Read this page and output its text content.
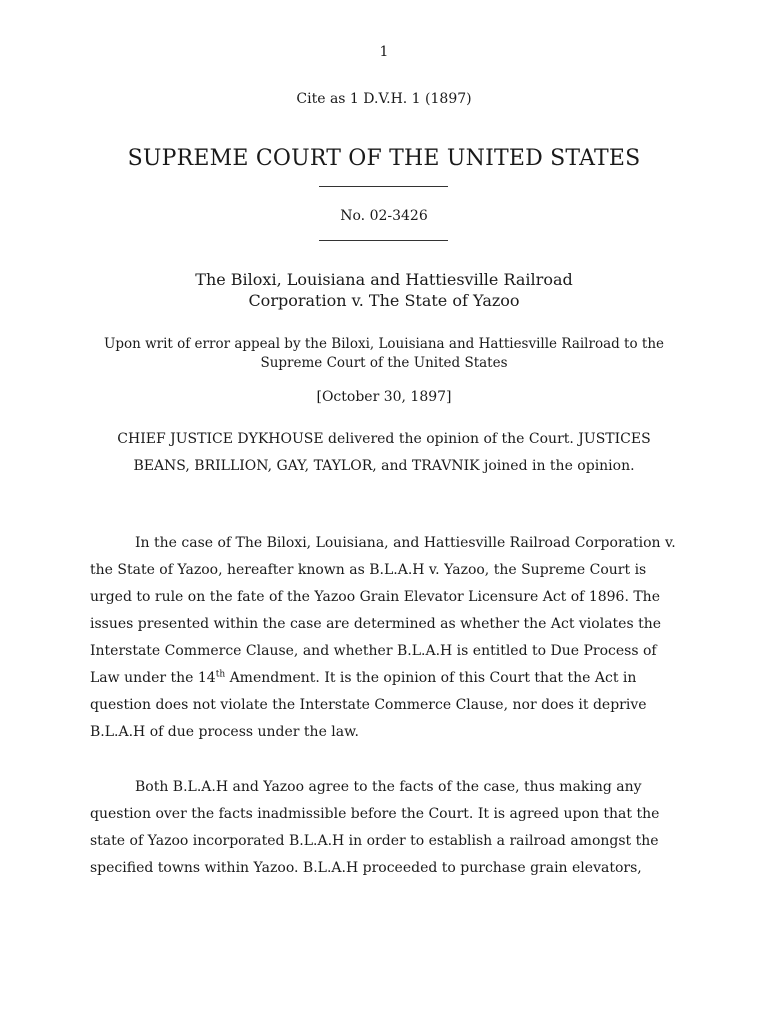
1
Cite as 1 D.V.H. 1 (1897)
SUPREME COURT OF THE UNITED STATES
No. 02-3426
The Biloxi, Louisiana and Hattiesville Railroad
Corporation v. The State of Yazoo
Upon writ of error appeal by the Biloxi, Louisiana and Hattiesville Railroad to the
Supreme Court of the United States
[October 30, 1897]
CHIEF JUSTICE DYKHOUSE delivered the opinion of the Court. JUSTICES
BEANS, BRILLION, GAY, TAYLOR, and TRAVNIK joined in the opinion.
In the case of The Biloxi, Louisiana, and Hattiesville Railroad Corporation v.
the State of Yazoo, hereafter known as B.L.A.H v. Yazoo, the Supreme Court is
urged to rule on the fate of the Yazoo Grain Elevator Licensure Act of 1896. The
issues presented within the case are determined as whether the Act violates the
Interstate Commerce Clause, and whether B.L.A.H is entitled to Due Process of
Law under the 14th Amendment. It is the opinion of this Court that the Act in
question does not violate the Interstate Commerce Clause, nor does it deprive
B.L.A.H of due process under the law.
Both B.L.A.H and Yazoo agree to the facts of the case, thus making any
question over the facts inadmissible before the Court. It is agreed upon that the
state of Yazoo incorporated B.L.A.H in order to establish a railroad amongst the
specified towns within Yazoo. B.L.A.H proceeded to purchase grain elevators,
